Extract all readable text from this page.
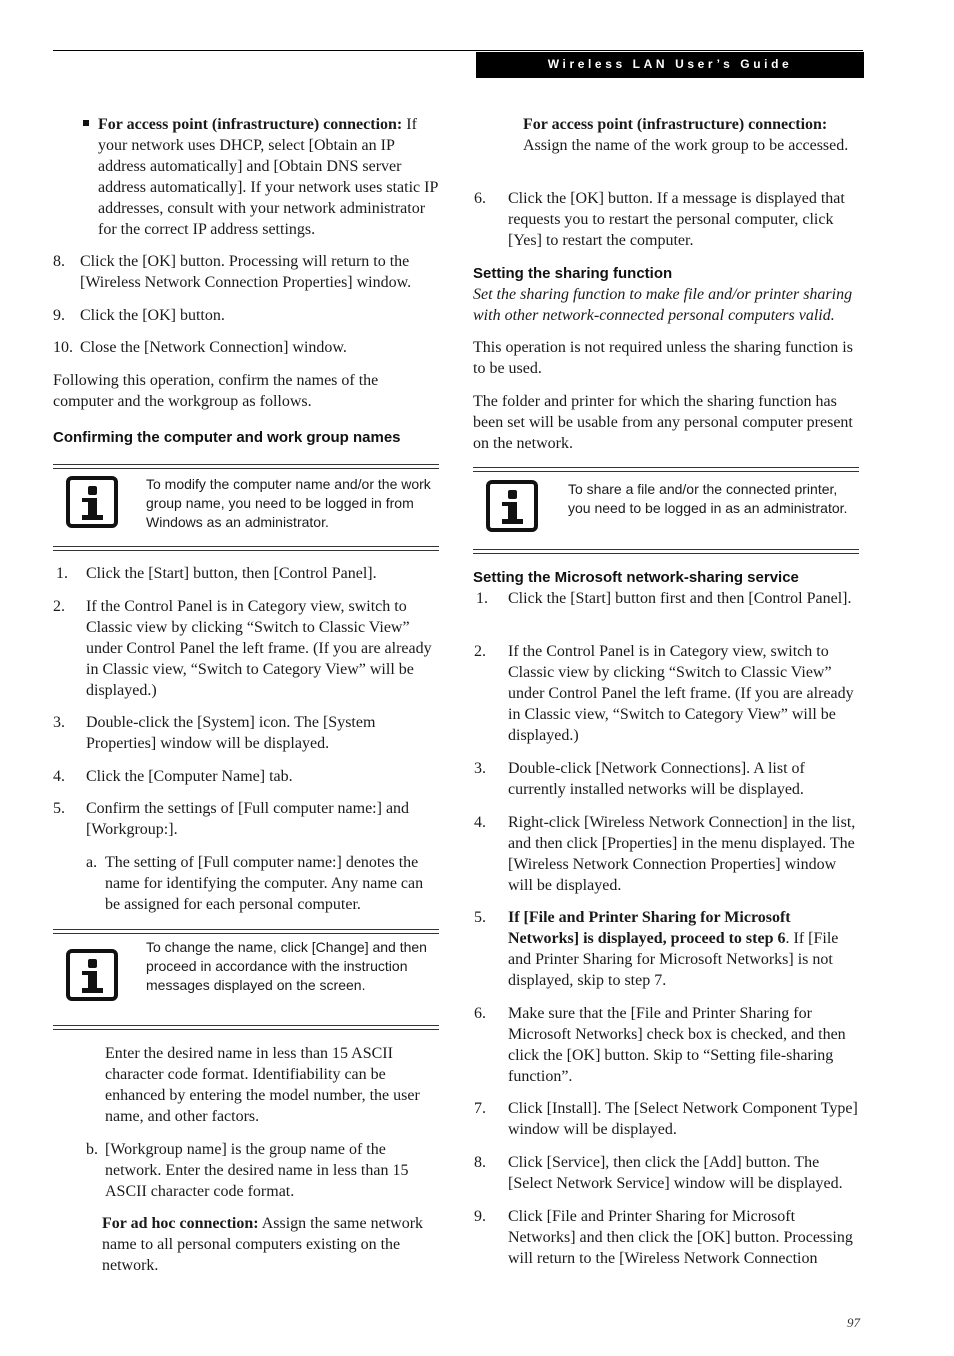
Wireless LAN User’s Guide

For access point (infrastructure) connection: If your network uses DHCP, select [Obtain an IP address automatically] and [Obtain DNS server address automatically]. If your network uses static IP addresses, consult with your network administrator for the correct IP address settings.

8. Click the [OK] button. Processing will return to the [Wireless Network Connection Properties] window.

9. Click the [OK] button.

10. Close the [Network Connection] window.

Following this operation, confirm the names of the computer and the workgroup as follows.

Confirming the computer and work group names

To modify the computer name and/or the work group name, you need to be logged in from Windows as an administrator.

1. Click the [Start] button, then [Control Panel].

2. If the Control Panel is in Category view, switch to Classic view by clicking “Switch to Classic View” under Control Panel the left frame. (If you are already in Classic view, “Switch to Category View” will be displayed.)

3. Double-click the [System] icon. The [System Properties] window will be displayed.

4. Click the [Computer Name] tab.

5. Confirm the settings of [Full computer name:] and [Workgroup:].

a. The setting of [Full computer name:] denotes the name for identifying the computer. Any name can be assigned for each personal computer.

To change the name, click [Change] and then proceed in accordance with the instruction messages displayed on the screen.

Enter the desired name in less than 15 ASCII character code format. Identifiability can be enhanced by entering the model number, the user name, and other factors.

b. [Workgroup name] is the group name of the network. Enter the desired name in less than 15 ASCII character code format.

For ad hoc connection: Assign the same network name to all personal computers existing on the network.

For access point (infrastructure) connection:

Assign the name of the work group to be accessed.

6. Click the [OK] button. If a message is displayed that requests you to restart the personal computer, click [Yes] to restart the computer.

Setting the sharing function

Set the sharing function to make file and/or printer sharing with other network-connected personal computers valid.

This operation is not required unless the sharing function is to be used.

The folder and printer for which the sharing function has been set will be usable from any personal computer present on the network.

To share a file and/or the connected printer, you need to be logged in as an administrator.

Setting the Microsoft network-sharing service

1. Click the [Start] button first and then [Control Panel].

2. If the Control Panel is in Category view, switch to Classic view by clicking “Switch to Classic View” under Control Panel the left frame. (If you are already in Classic view, “Switch to Category View” will be displayed.)

3. Double-click [Network Connections]. A list of currently installed networks will be displayed.

4. Right-click [Wireless Network Connection] in the list, and then click [Properties] in the menu displayed. The [Wireless Network Connection Properties] window will be displayed.

5. If [File and Printer Sharing for Microsoft Networks] is displayed, proceed to step 6. If [File and Printer Sharing for Microsoft Networks] is not displayed, skip to step 7.

6. Make sure that the [File and Printer Sharing for Microsoft Networks] check box is checked, and then click the [OK] button. Skip to “Setting file-sharing function”.

7. Click [Install]. The [Select Network Component Type] window will be displayed.

8. Click [Service], then click the [Add] button. The [Select Network Service] window will be displayed.

9. Click [File and Printer Sharing for Microsoft Networks] and then click the [OK] button. Processing will return to the [Wireless Network Connection

97
